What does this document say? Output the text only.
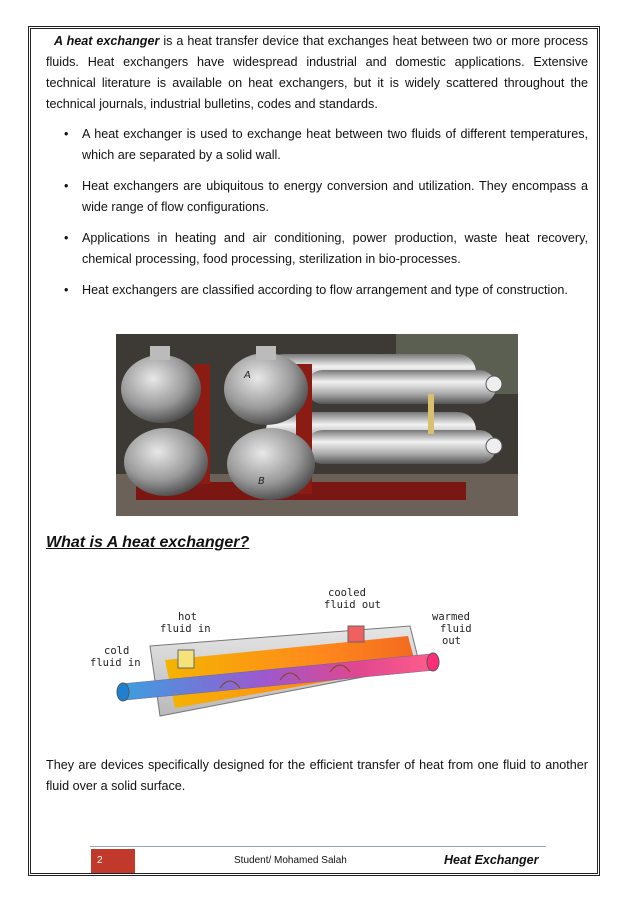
A heat exchanger is a heat transfer device that exchanges heat between two or more process fluids. Heat exchangers have widespread industrial and domestic applications. Extensive technical literature is available on heat exchangers, but it is widely scattered throughout the technical journals, industrial bulletins, codes and standards.
• A heat exchanger is used to exchange heat between two fluids of different temperatures, which are separated by a solid wall.
• Heat exchangers are ubiquitous to energy conversion and utilization. They encompass a wide range of flow configurations.
• Applications in heating and air conditioning, power production, waste heat recovery, chemical processing, food processing, sterilization in bio-processes.
• Heat exchangers are classified according to flow arrangement and type of construction.
A
B
What is A heat exchanger?
cooled
fluid out
hot
fluid in
warmed
fluid
out
cold
fluid in
They are devices specifically designed for the efficient transfer of heat from one fluid to another fluid over a solid surface.
2	Student/ Mohamed Salah	Heat Exchanger
